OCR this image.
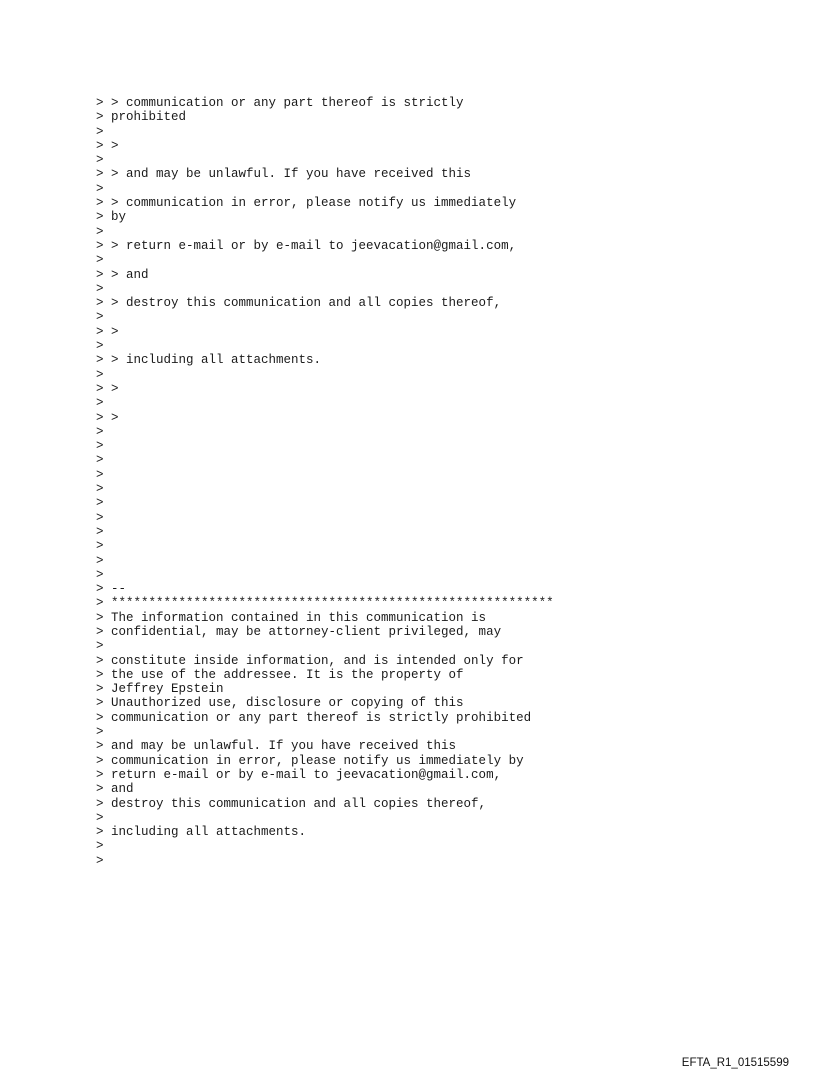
> > communication or any part thereof is strictly
> prohibited
>
> >
>
> > and may be unlawful. If you have received this
>
> > communication in error, please notify us immediately
> by
>
> > return e-mail or by e-mail to jeevacation@gmail.com,
>
> > and
>
> > destroy this communication and all copies thereof,
>
> >
>
> > including all attachments.
>
> >
>
> >
>
>
>
>
>
>
>
>
>
>
>
> --
> ***********************************************************
> The information contained in this communication is
> confidential, may be attorney-client privileged, may
>
> constitute inside information, and is intended only for
> the use of the addressee. It is the property of
> Jeffrey Epstein
> Unauthorized use, disclosure or copying of this
> communication or any part thereof is strictly prohibited
>
> and may be unlawful. If you have received this
> communication in error, please notify us immediately by
> return e-mail or by e-mail to jeevacation@gmail.com,
> and
> destroy this communication and all copies thereof,
>
> including all attachments.
>
>
EFTA_R1_01515599
